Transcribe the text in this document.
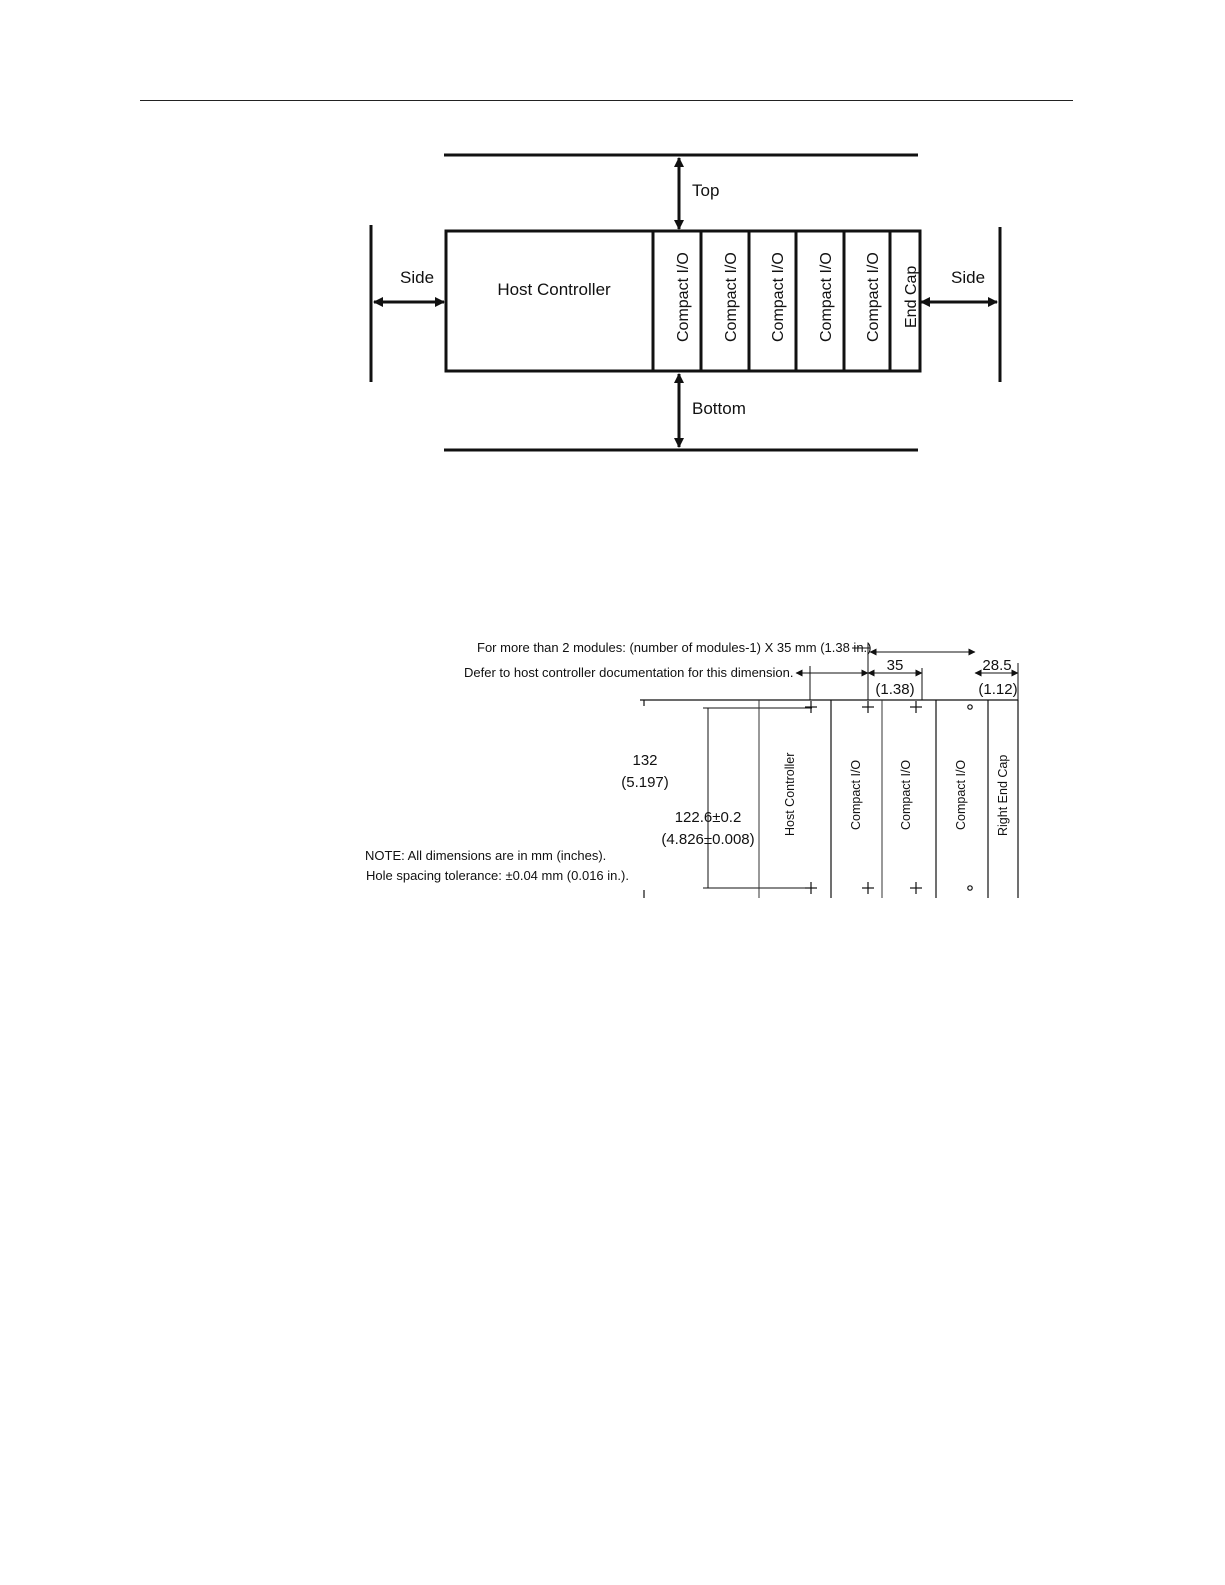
Top
Bottom
Side	Side
Host Controller	Compact I/O Compact I/O Compact I/O Compact I/O Compact I/O End Cap
For more than 2 modules: (number of modules-1) X 35 mm (1.38 in.).
Defer to host controller documentation for this dimension.	35
(1.38)
28.5
(1.12)
132
(5.197)
122.6±0.2
(4.826±0.008)
Host Controller	Compact I/O	Compact I/O	Compact I/O Right End Cap
NOTE: All dimensions are in mm (inches).
Hole spacing tolerance: ±0.04 mm (0.016 in.).
